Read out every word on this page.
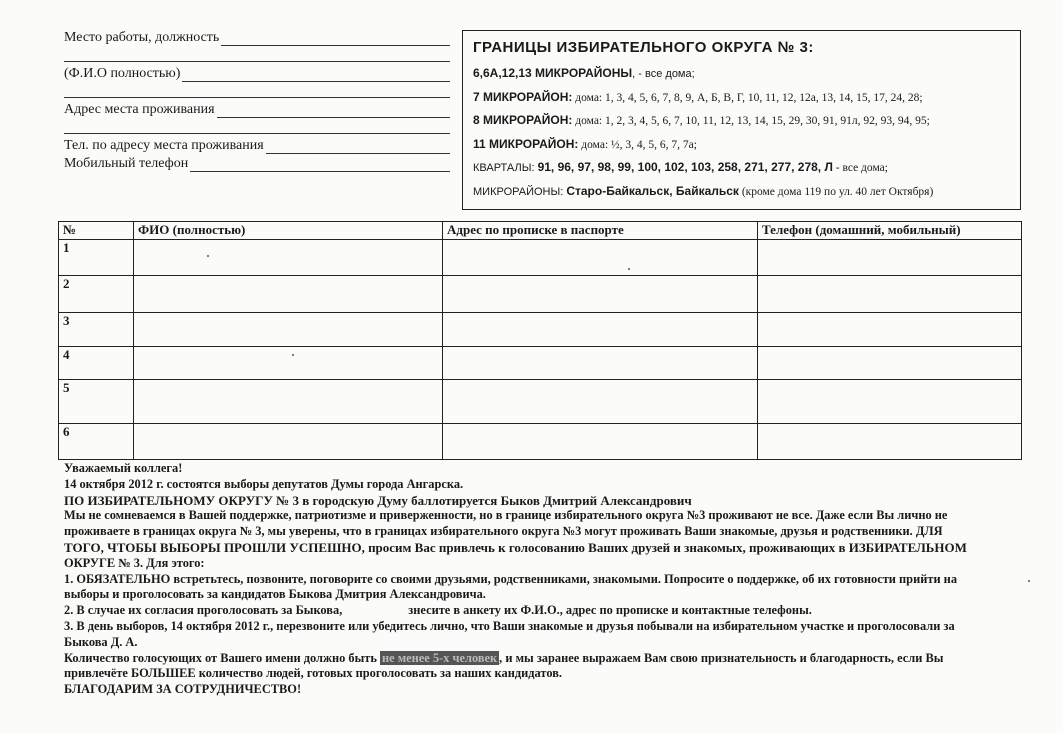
Место работы, должность
(Ф.И.О полностью)
Адрес места проживания
Тел. по адресу места проживания
Мобильный телефон
ГРАНИЦЫ ИЗБИРАТЕЛЬНОГО ОКРУГА № 3:
6,6А,12,13 МИКРОРАЙОНЫ, - все дома;
7 МИКРОРАЙОН: дома: 1, 3, 4, 5, 6, 7, 8, 9, А, Б, В, Г, 10, 11, 12, 12а, 13, 14, 15, 17, 24, 28;
8 МИКРОРАЙОН: дома: 1, 2, 3, 4, 5, 6, 7, 10, 11, 12, 13, 14, 15, 29, 30, 91, 91л, 92, 93, 94, 95;
11 МИКРОРАЙОН: дома: ½, 3, 4, 5, 6, 7, 7а;
КВАРТАЛЫ: 91, 96, 97, 98, 99, 100, 102, 103, 258, 271, 277, 278, Л - все дома;
МИКРОРАЙОНЫ: Старо-Байкальск, Байкальск (кроме дома 119 по ул. 40 лет Октября)
№	ФИО (полностью)	Адрес по прописке в паспорте	Телефон (домашний, мобильный)
1			
2			
3			
4			
5			
6			
Уважаемый коллега!
14 октября 2012 г. состоятся выборы депутатов Думы города Ангарска.
ПО ИЗБИРАТЕЛЬНОМУ ОКРУГУ № 3 в городскую Думу баллотируется Быков Дмитрий Александрович
Мы не сомневаемся в Вашей поддержке, патриотизме и приверженности, но в границе избирательного округа №3 проживают не все. Даже если Вы лично не
проживаете в границах округа № 3, мы уверены, что в границах избирательного округа №3 могут проживать Ваши знакомые, друзья и родственники. ДЛЯ
ТОГО, ЧТОБЫ ВЫБОРЫ ПРОШЛИ УСПЕШНО, просим Вас привлечь к голосованию Ваших друзей и знакомых, проживающих в ИЗБИРАТЕЛЬНОМ
ОКРУГЕ № 3. Для этого:
1. ОБЯЗАТЕЛЬНО встретьтесь, позвоните, поговорите со своими друзьями, родственниками, знакомыми. Попросите о поддержке, об их готовности прийти на
выборы и проголосовать за кандидатов Быкова Дмитрия Александровича.
2. В случае их согласия проголосовать за Быкова,	знесите в анкету их Ф.И.О., адрес по прописке и контактные телефоны.
3. В день выборов, 14 октября 2012 г., перезвоните или убедитесь лично, что Ваши знакомые и друзья побывали на избирательном участке и проголосовали за
Быкова Д. А.
Количество голосующих от Вашего имени должно быть не менее 5-х человек , и мы заранее выражаем Вам свою признательность и благодарность, если Вы
привлечёте БОЛЬШЕЕ количество людей, готовых проголосовать за наших кандидатов.
БЛАГОДАРИМ ЗА СОТРУДНИЧЕСТВО!
